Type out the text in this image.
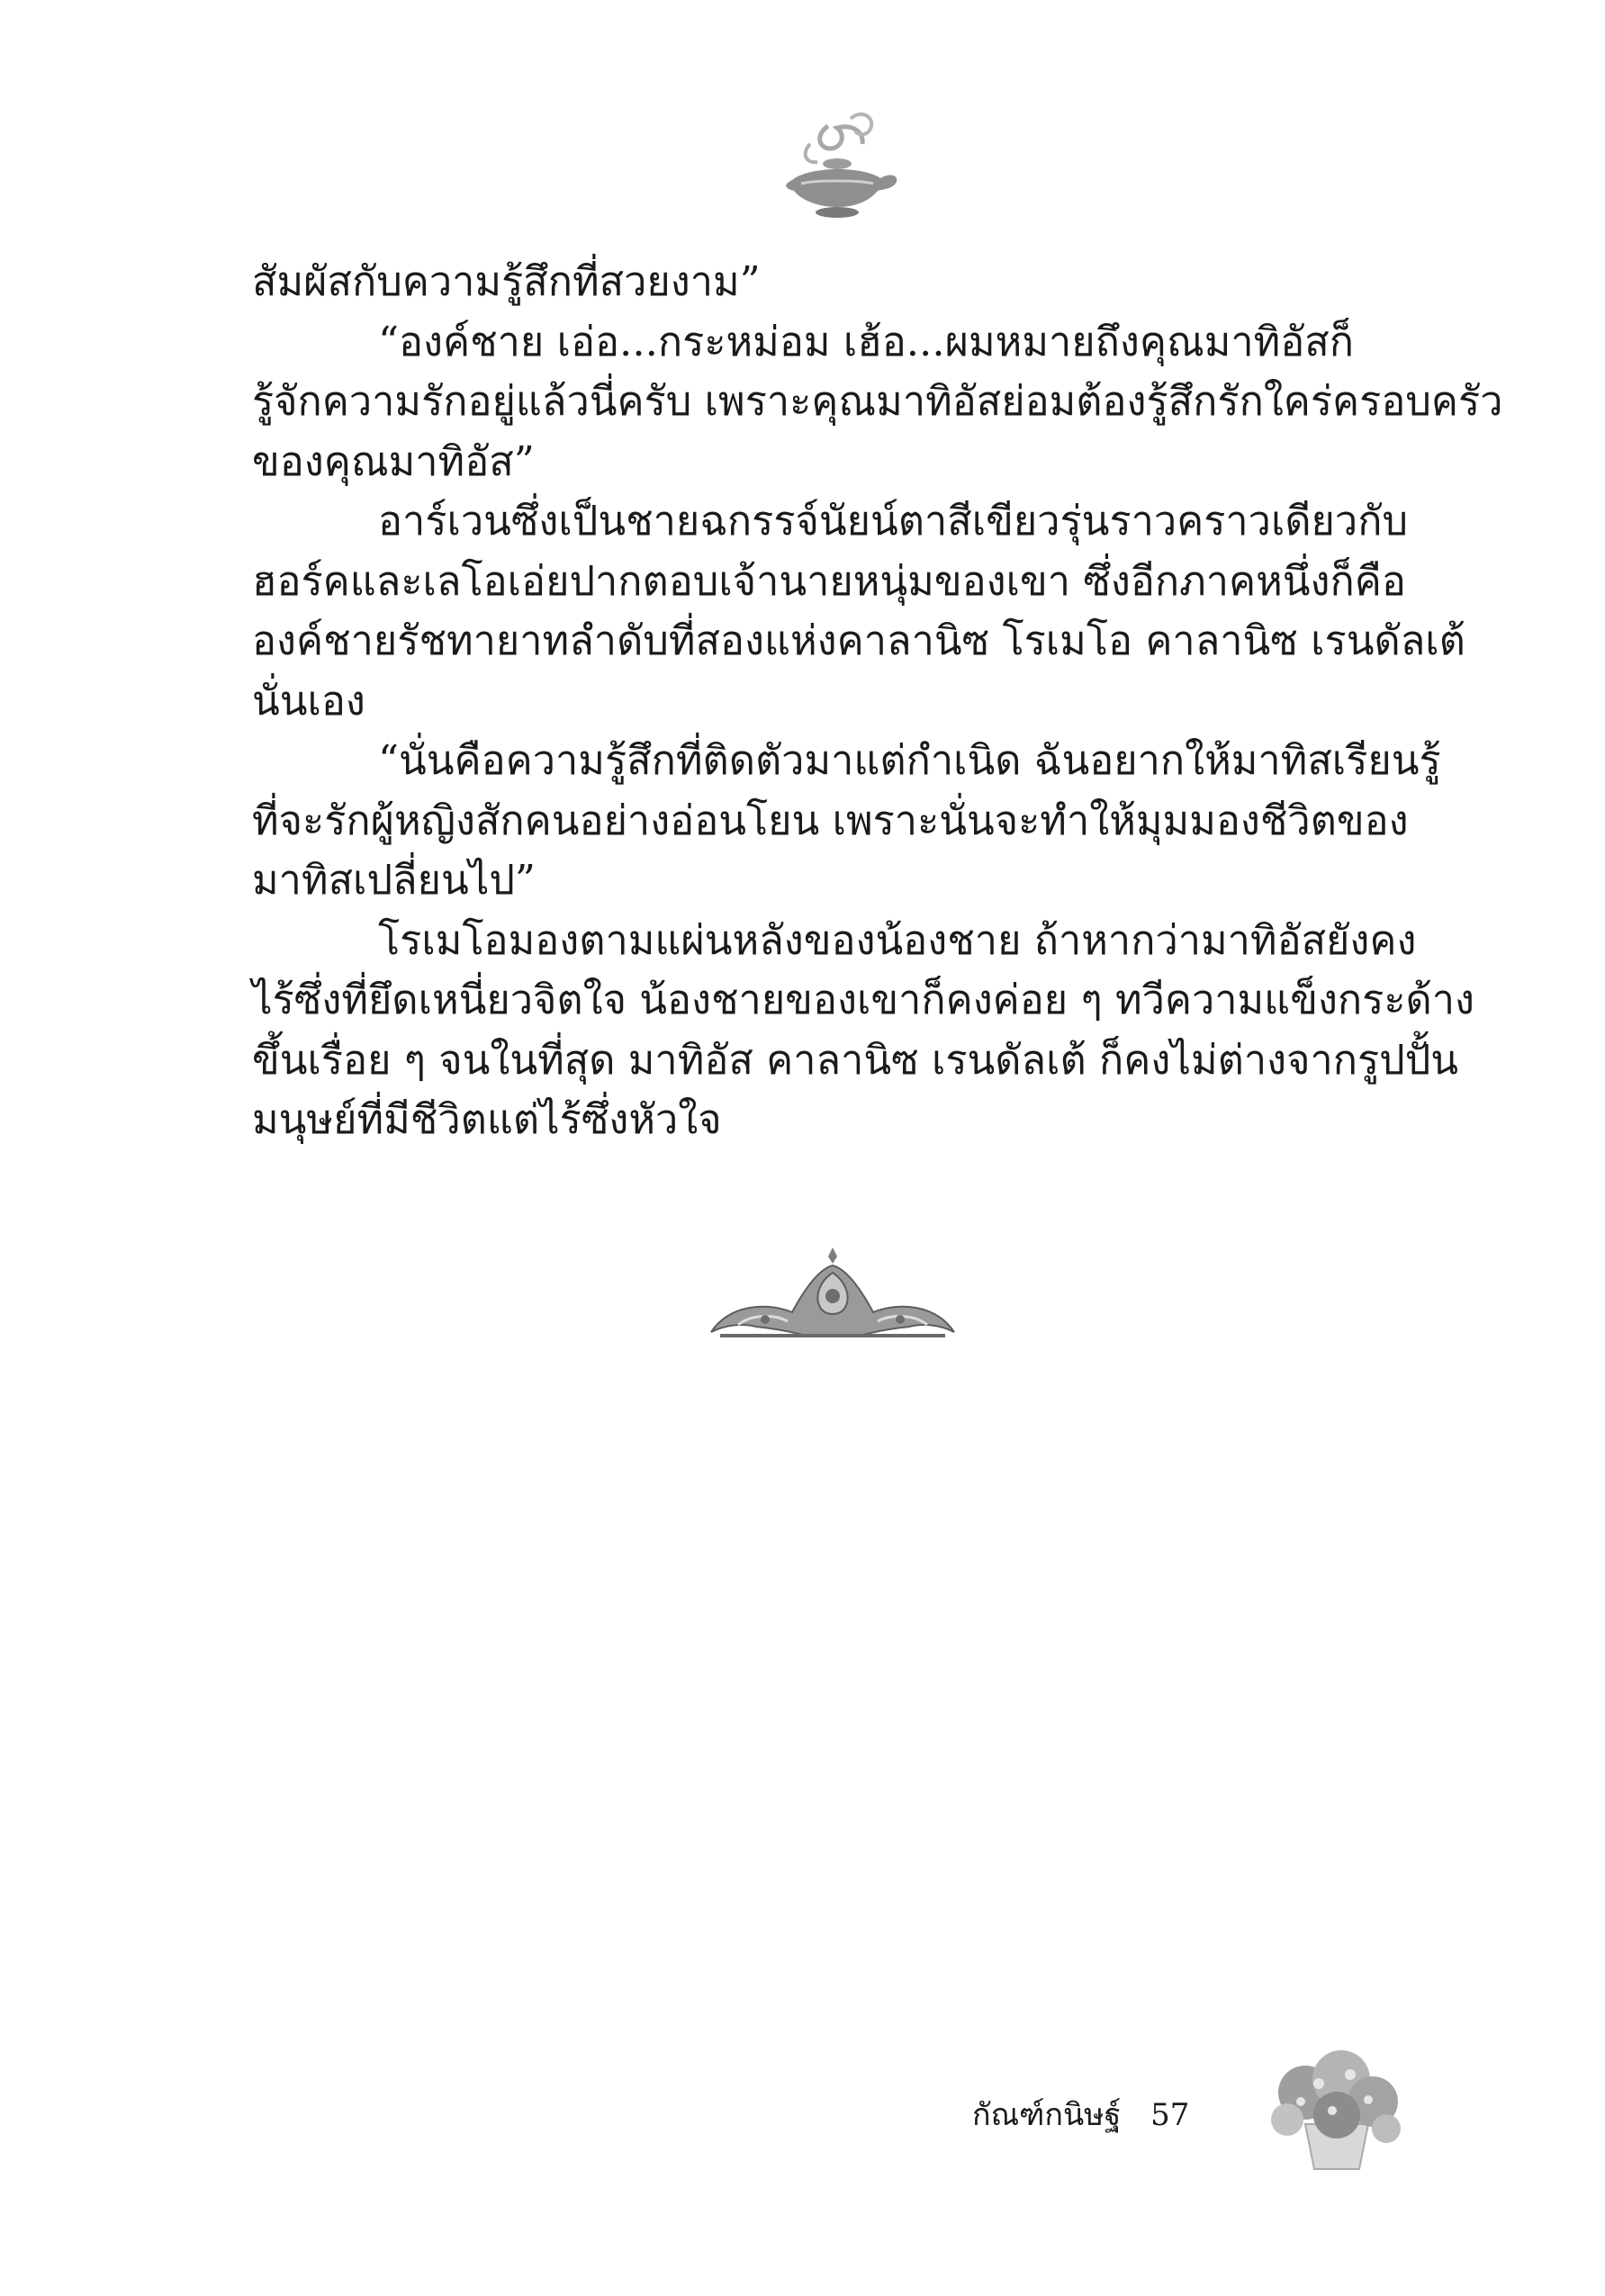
สัมผัสกับความรู้สึกที่สวยงาม”
“องค์ชาย เอ่อ...กระหม่อม เฮ้อ...ผมหมายถึงคุณมาทิอัสก็
รู้จักความรักอยู่แล้วนี่ครับ เพราะคุณมาทิอัสย่อมต้องรู้สึกรักใคร่ครอบครัว
ของคุณมาทิอัส”
อาร์เวนซึ่งเป็นชายฉกรรจ์นัยน์ตาสีเขียวรุ่นราวคราวเดียวกับ
ฮอร์คและเลโอเอ่ยปากตอบเจ้านายหนุ่มของเขา ซึ่งอีกภาคหนึ่งก็คือ
องค์ชายรัชทายาทลำดับที่สองแห่งคาลานิซ โรเมโอ คาลานิซ เรนดัลเต้
นั่นเอง
“นั่นคือความรู้สึกที่ติดตัวมาแต่กำเนิด ฉันอยากให้มาทิสเรียนรู้
ที่จะรักผู้หญิงสักคนอย่างอ่อนโยน เพราะนั่นจะทำให้มุมมองชีวิตของ
มาทิสเปลี่ยนไป”
โรเมโอมองตามแผ่นหลังของน้องชาย ถ้าหากว่ามาทิอัสยังคง
ไร้ซึ่งที่ยึดเหนี่ยวจิตใจ น้องชายของเขาก็คงค่อย ๆ ทวีความแข็งกระด้าง
ขึ้นเรื่อย ๆ จนในที่สุด มาทิอัส คาลานิซ เรนดัลเต้ ก็คงไม่ต่างจากรูปปั้น
มนุษย์ที่มีชีวิตแต่ไร้ซึ่งหัวใจ
กัณฑ์กนิษฐ์ 57
